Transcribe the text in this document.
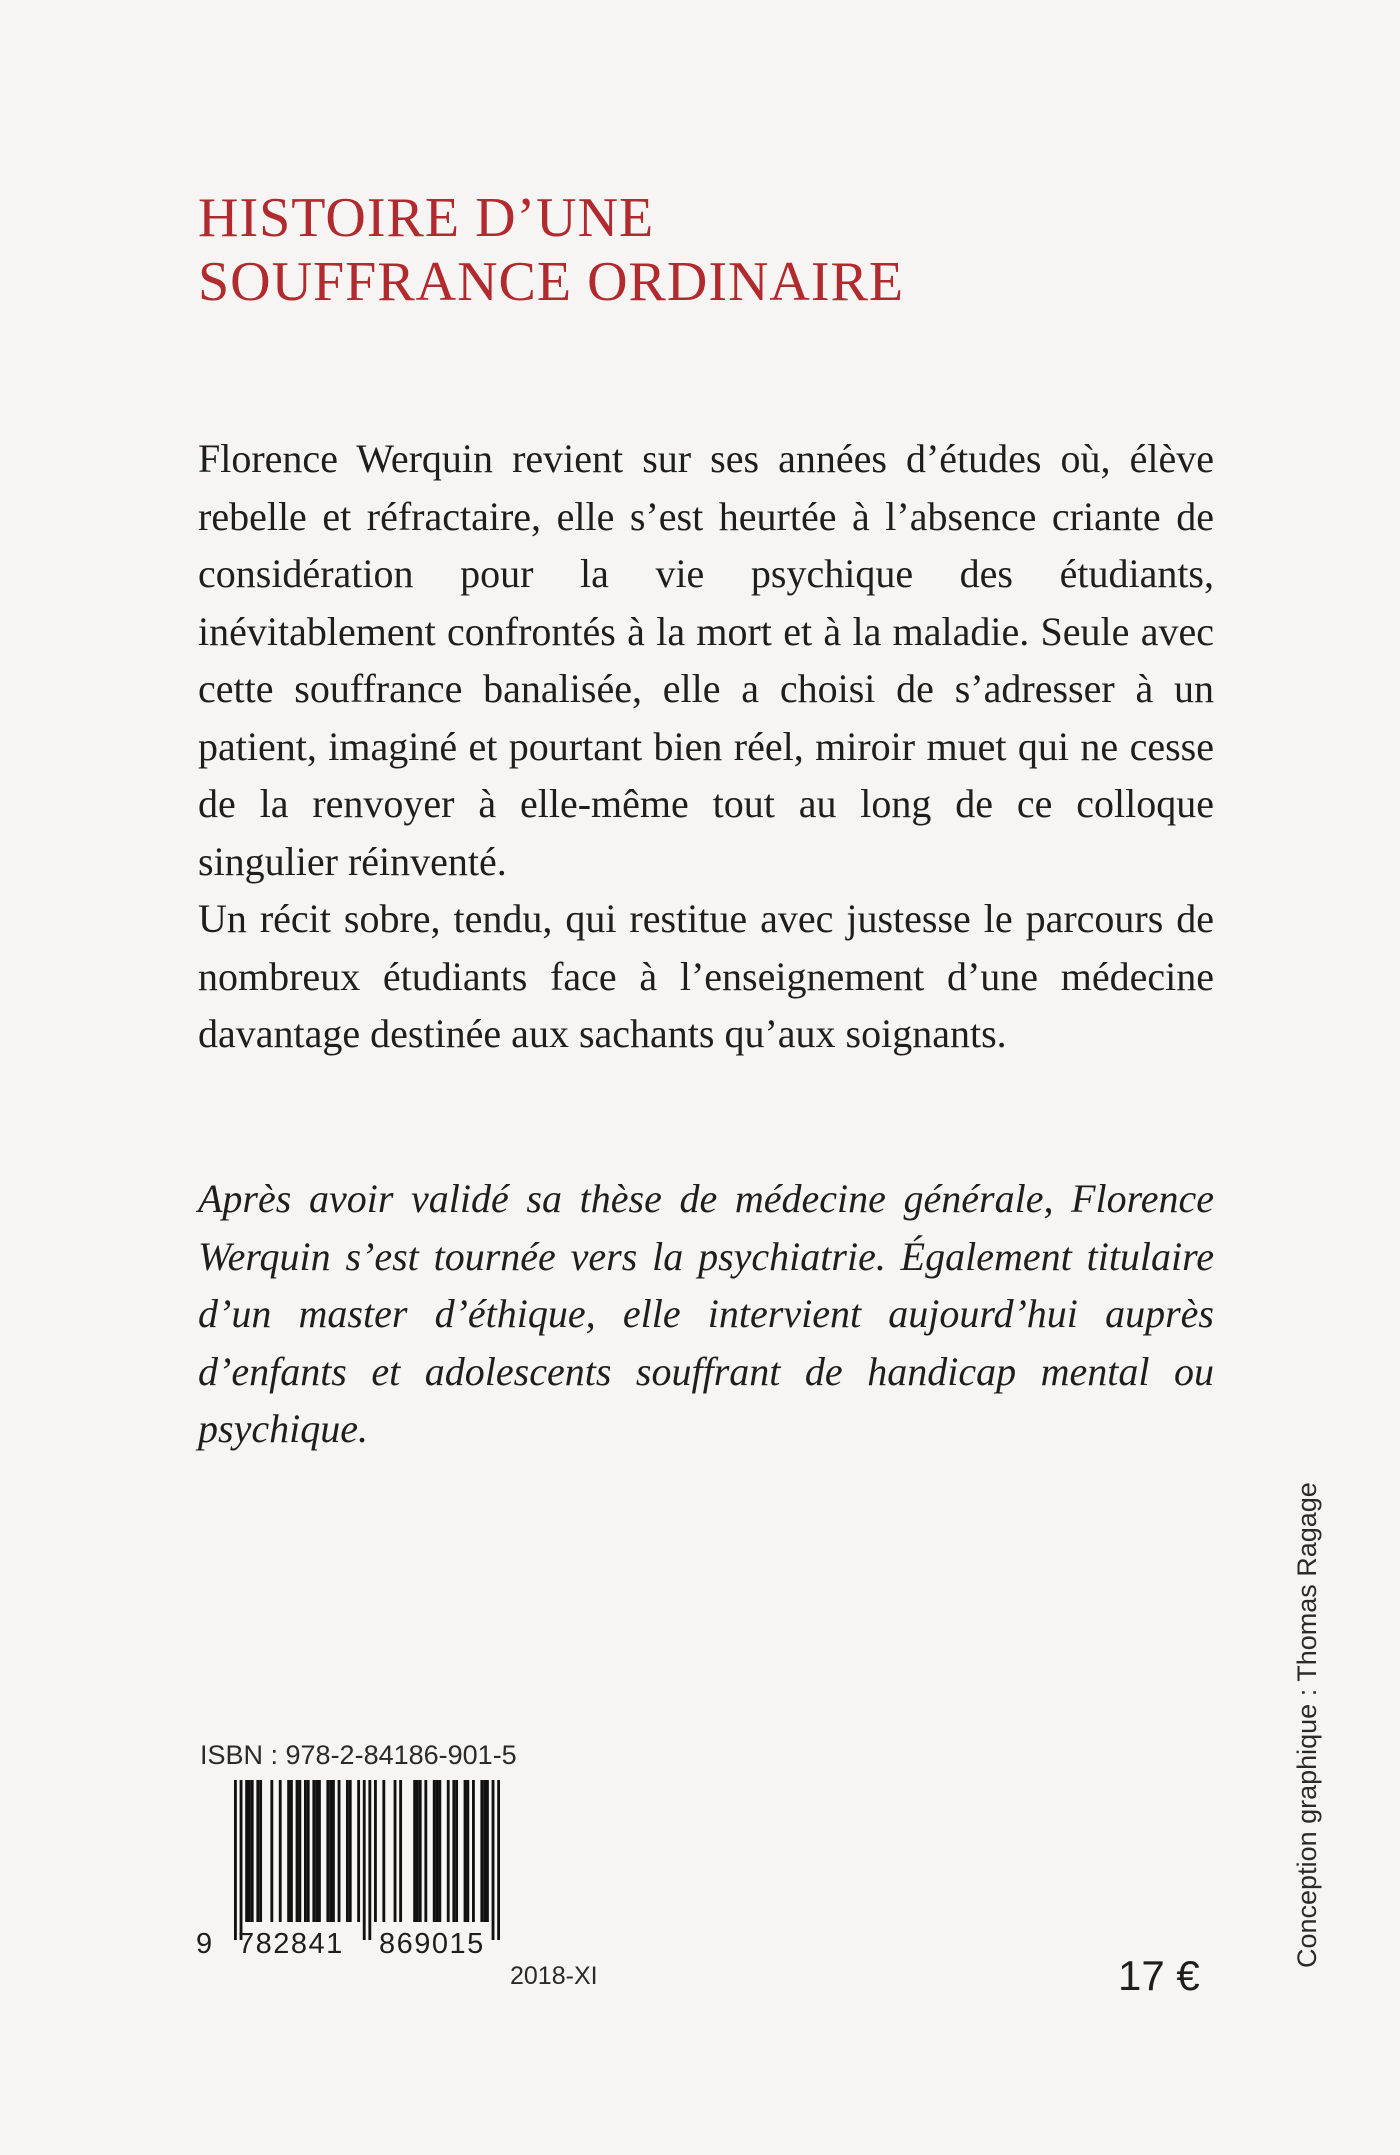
HISTOIRE D’UNE
SOUFFRANCE ORDINAIRE

Florence Werquin revient sur ses années d’études où, élève rebelle et réfractaire, elle s’est heurtée à l’absence criante de considération pour la vie psychique des étudiants, inévitablement confrontés à la mort et à la maladie. Seule avec cette souffrance banalisée, elle a choisi de s’adresser à un patient, imaginé et pourtant bien réel, miroir muet qui ne cesse de la renvoyer à elle-même tout au long de ce colloque singulier réinventé.

Un récit sobre, tendu, qui restitue avec justesse le parcours de nombreux étudiants face à l’enseignement d’une médecine davantage destinée aux sachants qu’aux soignants.

Après avoir validé sa thèse de médecine générale, Florence Werquin s’est tournée vers la psychiatrie. Également titulaire d’un master d’éthique, elle intervient aujourd’hui auprès d’enfants et adolescents souffrant de handicap mental ou psychique.

ISBN : 978-2-84186-901-5
9 782841 869015
2018-XI	17 €
Conception graphique : Thomas Ragage
